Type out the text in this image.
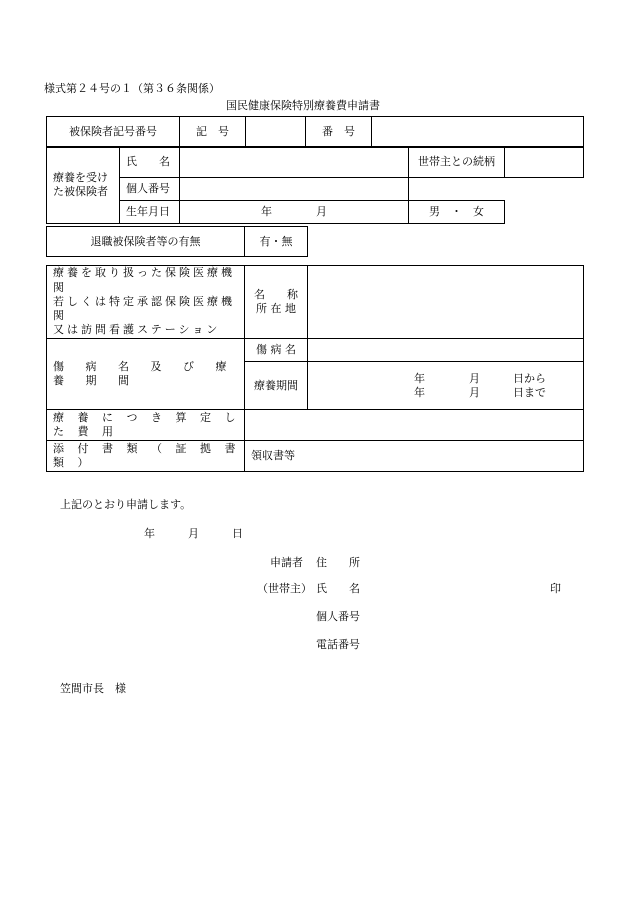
様式第２４号の１（第３６条関係）
国民健康保険特別療養費申請書
被保険者記号番号	記　号		番　号	
療養を受け
た被保険者	氏　　名		世帯主との続柄	
	個人番号			
	生年月日	年　　　　月	男　・　女	
退職被保険者等の有無	有・無
療養を取り扱った保険医療機関
若しくは特定承認保険医療機関
又は訪問看護ステーション	名　　称
所 在 地	
傷 病 名 及 び 療 養 期 間	傷 病 名	
	療養期間	年　　　　月　　　日から
年　　　　月　　　日まで

療 養 に つ き 算 定 し た 費 用		
添 付 書 類 （ 証 拠 書 類 ）	領収書等	
上記のとおり申請します。
年　　　月　　　日
申請者 住　　所
（世帯主） 氏　　名	印
個人番号
電話番号
笠間市長　様
